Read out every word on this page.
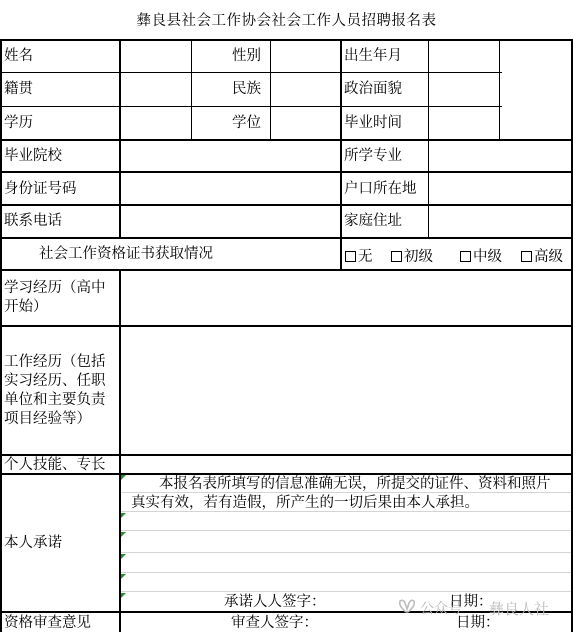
彝良县社会工作协会社会工作人员招聘报名表
姓名	性别	出生年月
籍贯	民族	政治面貌
学历	学位	毕业时间
毕业院校	所学专业
身份证号码	户口所在地
联系电话	家庭住址
社会工作资格证书获取情况	无	初级	中级	高级
学习经历（高中开始）
工作经历（包括实习经历、任职单位和主要负责项目经验等）
个人技能、专长
本人承诺
本报名表所填写的信息准确无误，所提交的证件、资料和照片
真实有效，若有造假，所产生的一切后果由本人承担。
承诺人人签字：	日期：
资格审查意见	审查人签字：	日期：
公众号 彝良人社
